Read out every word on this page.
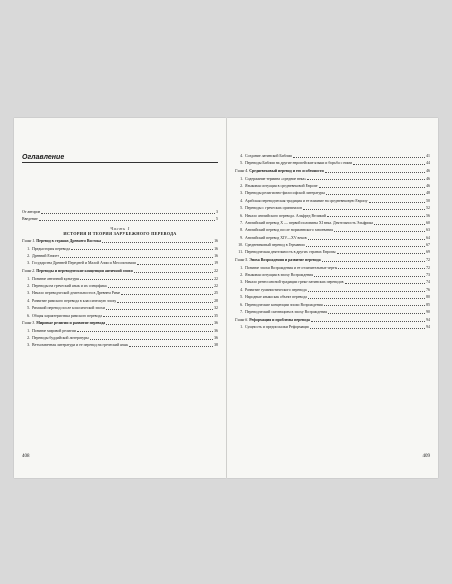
Оглавление
От авторов	3
Введение	5
Часть I
ИСТОРИЯ И ТЕОРИЯ ЗАРУБЕЖНОГО ПЕРЕВОДА
Глава 1. Перевод в странах Древнего Востока	16
1. Предыстория перевода	16
2. Древний Египет	16
3. Государства Древней Передней и Малой Азии и Месопотамии	19
Глава 2. Переводы и переводческие концепции античной эпохи	22
1. Понятие античной культуры	22
2. Переводы на греческий язык и их специфика	22
3. Начало переводческой деятельности в Древнем Риме	25
4. Развитие римского перевода в классическую эпоху	28
5. Римский перевод после классической эпохи	32
6. Общая характеристика римского перевода	35
Глава 3. Мировые религии и развитие перевода	36
1. Понятие мировой религии	36
2. Переводы буддийской литературы	36
3. Ветхозаветная литература и ее перевод на греческий язык	38
408
4. Создание латинской Библии	41
5. Переводы Библии на другие европейские языки и борьба с ними	44
Глава 4. Средневековый перевод и его особенности	46
1. Содержание термина «средние века»	46
2. Языковая ситуация в средневековой Европе	46
3. Переводы религиозно-философской литературы	48
4. Арабская переводческая традиция и ее влияние на средневековую Европу	50
5. Переводы с греческих оригиналов	52
6. Начало английского перевода. Альфред Великий	56
7. Английский перевод X — первой половины XI века. Деятельность Эльфрика	60
8. Английский перевод после норманнского завоевания	63
9. Английский перевод XIV—XV веков	64
10. Средневековый перевод в Германии	67
11. Переводческая деятельность в других странах Европы	69
Глава 5. Эпоха Возрождения и развитие перевода	72
1. Понятие эпохи Возрождения и ее отличительные черты	72
2. Языковая ситуация в эпоху Возрождения	73
3. Начало ренессансной традиции греко-латинских переводов	74
4. Развитие гуманистического перевода	76
5. Народные языки как объект перевода	80
6. Переводческие концепции эпохи Возрождения	85
7. Переводческий скептицизм в эпоху Возрождения	90
Глава 6. Реформация и проблемы перевода	94
1. Сущность и предпосылки Реформации	94
409
